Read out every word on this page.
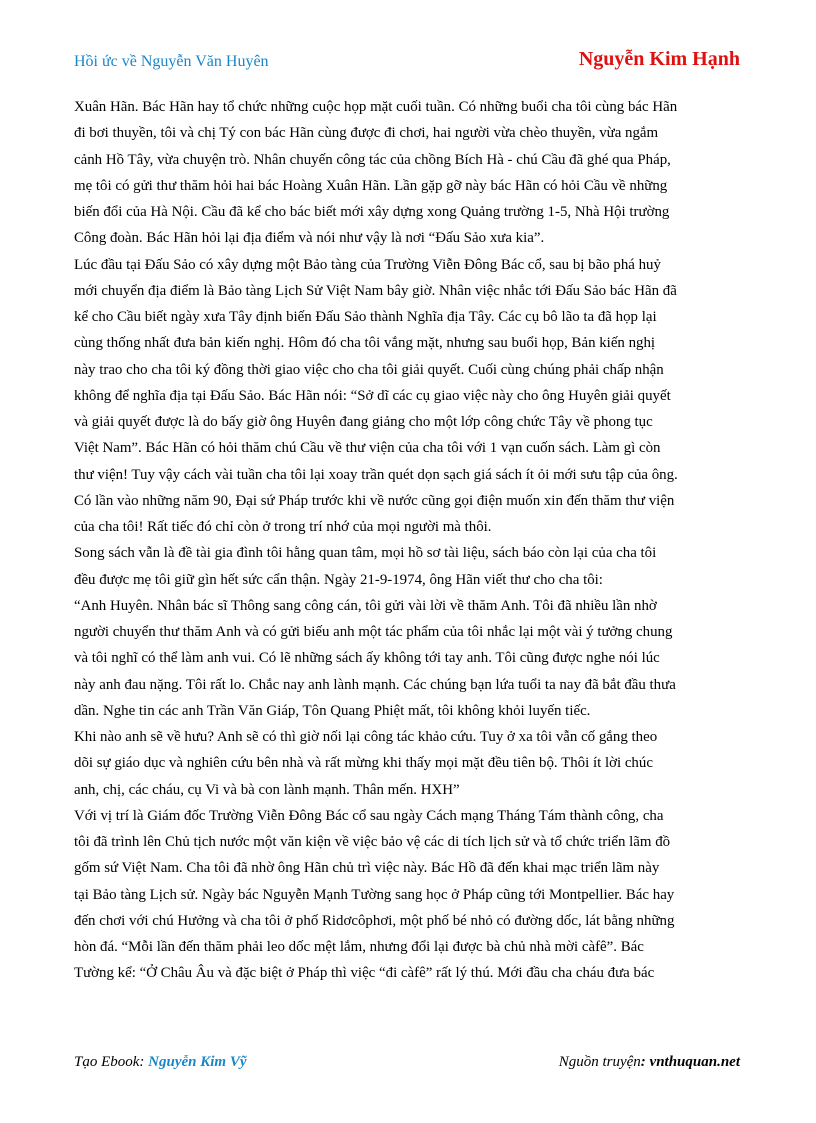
Hồi ức về Nguyễn Văn Huyên	Nguyễn Kim Hạnh
Xuân Hãn. Bác Hãn hay tổ chức những cuộc họp mặt cuối tuần. Có những buổi cha tôi cùng bác Hãn
đi bơi thuyền, tôi và chị Tý con bác Hãn cùng được đi chơi, hai người vừa chèo thuyền, vừa ngắm
cảnh Hồ Tây, vừa chuyện trò. Nhân chuyến công tác của chồng Bích Hà - chú Cầu đã ghé qua Pháp,
mẹ tôi có gửi thư thăm hỏi hai bác Hoàng Xuân Hãn. Lần gặp gỡ này bác Hãn có hỏi Cầu về những
biến đổi của Hà Nội. Cầu đã kể cho bác biết mới xây dựng xong Quảng trường 1-5, Nhà Hội trường
Công đoàn. Bác Hãn hỏi lại địa điểm và nói như vậy là nơi “Đấu Sảo xưa kia”.
Lúc đầu tại Đấu Sảo có xây dựng một Bảo tàng của Trường Viễn Đông Bác cổ, sau bị bão phá huỷ
mới chuyển địa điểm là Bảo tàng Lịch Sử Việt Nam bây giờ. Nhân việc nhắc tới Đấu Sảo bác Hãn đã
kể cho Cầu biết ngày xưa Tây định biến Đấu Sảo thành Nghĩa địa Tây. Các cụ bô lão ta đã họp lại
cùng thống nhất đưa bản kiến nghị. Hôm đó cha tôi vắng mặt, nhưng sau buổi họp, Bản kiến nghị
này trao cho cha tôi ký đồng thời giao việc cho cha tôi giải quyết. Cuối cùng chúng phải chấp nhận
không để nghĩa địa tại Đấu Sảo. Bác Hãn nói: “Sở dĩ các cụ giao việc này cho ông Huyên giải quyết
và giải quyết được là do bấy giờ ông Huyên đang giảng cho một lớp công chức Tây về phong tục
Việt Nam”. Bác Hãn có hỏi thăm chú Cầu về thư viện của cha tôi với 1 vạn cuốn sách. Làm gì còn
thư viện! Tuy vậy cách vài tuần cha tôi lại xoay trần quét dọn sạch giá sách ít ỏi mới sưu tập của ông.
Có lần vào những năm 90, Đại sứ Pháp trước khi về nước cũng gọi điện muốn xin đến thăm thư viện
của cha tôi! Rất tiếc đó chỉ còn ở trong trí nhớ của mọi người mà thôi.
Song sách vẫn là đề tài gia đình tôi hằng quan tâm, mọi hồ sơ tài liệu, sách báo còn lại của cha tôi
đều được mẹ tôi giữ gìn hết sức cẩn thận. Ngày 21-9-1974, ông Hãn viết thư cho cha tôi:
“Anh Huyên. Nhân bác sĩ Thông sang công cán, tôi gửi vài lời về thăm Anh. Tôi đã nhiều lần nhờ
người chuyển thư thăm Anh và có gửi biếu anh một tác phẩm của tôi nhắc lại một vài ý tưởng chung
và tôi nghĩ có thể làm anh vui. Có lẽ những sách ấy không tới tay anh. Tôi cũng được nghe nói lúc
này anh đau nặng. Tôi rất lo. Chắc nay anh lành mạnh. Các chúng bạn lứa tuổi ta nay đã bắt đầu thưa
dần. Nghe tin các anh Trần Văn Giáp, Tôn Quang Phiệt mất, tôi không khỏi luyến tiếc.
Khi nào anh sẽ về hưu? Anh sẽ có thì giờ nối lại công tác khảo cứu. Tuy ở xa tôi vẫn cố gắng theo
dõi sự giáo dục và nghiên cứu bên nhà và rất mừng khi thấy mọi mặt đều tiên bộ. Thôi ít lời chúc
anh, chị, các cháu, cụ Vi và bà con lành mạnh. Thân mến. HXH”
Với vị trí là Giám đốc Trường Viễn Đông Bác cổ sau ngày Cách mạng Tháng Tám thành công, cha
tôi đã trình lên Chủ tịch nước một văn kiện về việc bảo vệ các di tích lịch sử và tổ chức triển lãm đồ
gốm sứ Việt Nam. Cha tôi đã nhờ ông Hãn chủ trì việc này. Bác Hồ đã đến khai mạc triển lãm này
tại Bảo tàng Lịch sử. Ngày bác Nguyễn Mạnh Tường sang học ở Pháp cũng tới Montpellier. Bác hay
đến chơi với chú Hưởng và cha tôi ở phố Ridơcôphơi, một phố bé nhỏ có đường dốc, lát bằng những
hòn đá. “Mỗi lần đến thăm phải leo dốc mệt lắm, nhưng đổi lại được bà chủ nhà mời càfê”. Bác
Tường kể: “Ở Châu Âu và đặc biệt ở Pháp thì việc “đi càfê” rất lý thú. Mới đầu cha cháu đưa bác
Tạo Ebook: Nguyễn Kim Vỹ	Nguồn truyện: vnthuquan.net
